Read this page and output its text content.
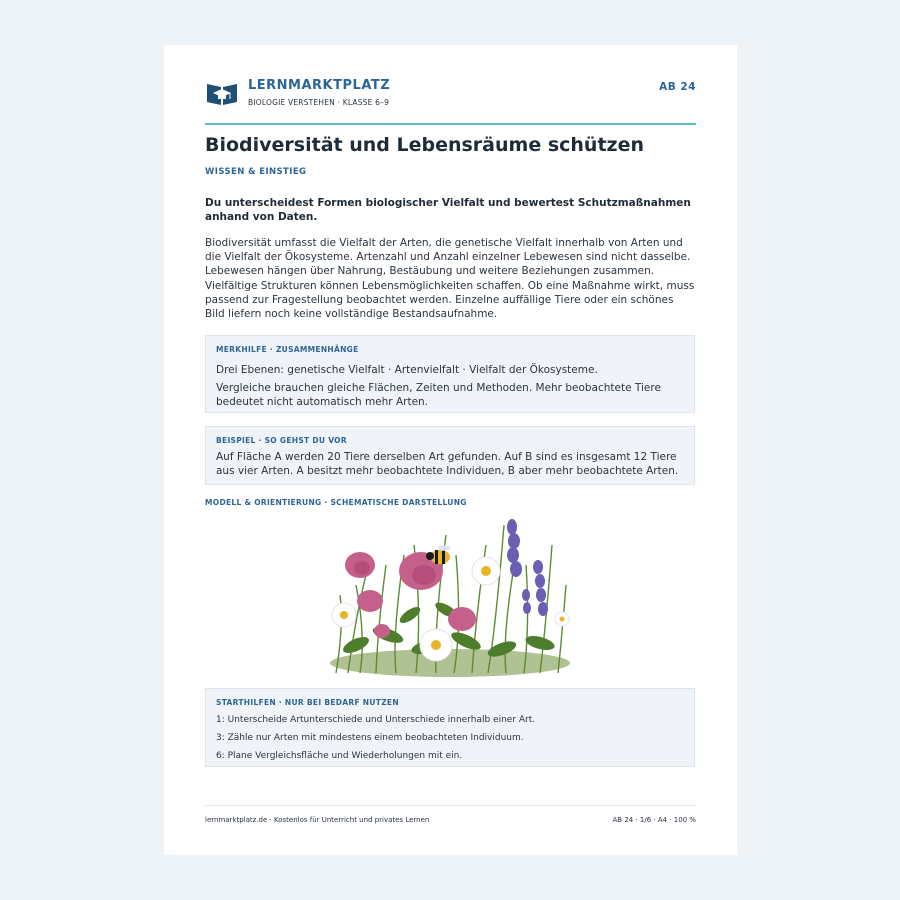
LERNMARKTPLATZ
BIOLOGIE VERSTEHEN · KLASSE 6–9
AB 24
Biodiversität und Lebensräume schützen
WISSEN & EINSTIEG

Du unterscheidest Formen biologischer Vielfalt und bewertest Schutzmaßnahmen anhand von Daten.

Biodiversität umfasst die Vielfalt der Arten, die genetische Vielfalt innerhalb von Arten und die Vielfalt der Ökosysteme. Artenzahl und Anzahl einzelner Lebewesen sind nicht dasselbe. Lebewesen hängen über Nahrung, Bestäubung und weitere Beziehungen zusammen. Vielfältige Strukturen können Lebensmöglichkeiten schaffen. Ob eine Maßnahme wirkt, muss passend zur Fragestellung beobachtet werden. Einzelne auffällige Tiere oder ein schönes Bild liefern noch keine vollständige Bestandsaufnahme.

MERKHILFE · ZUSAMMENHÄNGE

Drei Ebenen: genetische Vielfalt · Artenvielfalt · Vielfalt der Ökosysteme.

Vergleiche brauchen gleiche Flächen, Zeiten und Methoden. Mehr beobachtete Tiere bedeutet nicht automatisch mehr Arten.

BEISPIEL · SO GEHST DU VOR

Auf Fläche A werden 20 Tiere derselben Art gefunden. Auf B sind es insgesamt 12 Tiere aus vier Arten. A besitzt mehr beobachtete Individuen, B aber mehr beobachtete Arten.

MODELL & ORIENTIERUNG · SCHEMATISCHE DARSTELLUNG
STARTHILFEN · NUR BEI BEDARF NUTZEN
1: Unterscheide Artunterschiede und Unterschiede innerhalb einer Art.
3: Zähle nur Arten mit mindestens einem beobachteten Individuum.
6: Plane Vergleichsfläche und Wiederholungen mit ein.
lernmarktplatz.de · Kostenlos für Unterricht und privates Lernen	AB 24 · 1/6 · A4 · 100 %
